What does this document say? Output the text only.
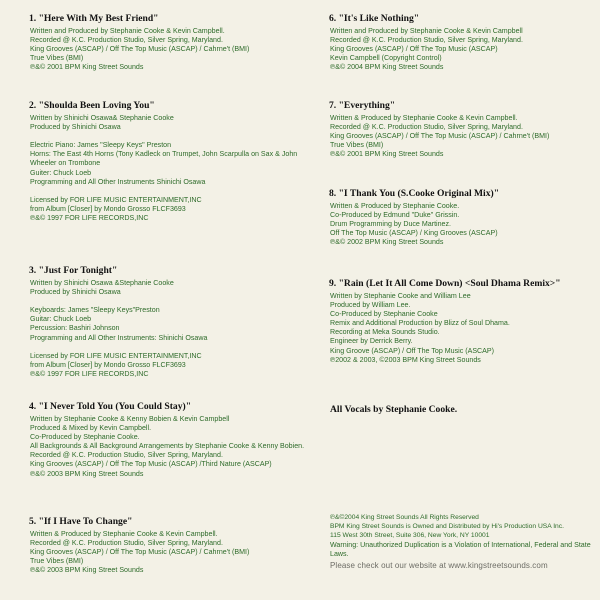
1. "Here With My Best Friend"
Written and Produced by Stephanie Cooke & Kevin Campbell.
Recorded @ K.C. Production Studio, Silver Spring, Maryland.
King Grooves (ASCAP) / Off The Top Music (ASCAP) / Cahrne't (BMI)
True Vibes (BMI)
℗&© 2001 BPM King Street Sounds
2. "Shoulda Been Loving You"
Written by Shinichi Osawa& Stephanie Cooke
Produced by Shinichi Osawa
Electric Piano: James "Sleepy Keys" Preston
Horns: The East 4th Horns (Tony Kadleck on Trumpet, John Scarpulla on Sax & John Wheeler on Trombone
Guiter: Chuck Loeb
Programming and All Other Instruments Shinichi Osawa
Licensed by FOR LIFE MUSIC ENTERTAINMENT,INC
from Album [Closer] by Mondo Grosso FLCF3693
℗&© 1997 FOR LIFE RECORDS,INC
3. "Just For Tonight"
Written by Shinichi Osawa &Stephanie Cooke
Produced by Shinichi Osawa
Keyboards: James "Sleepy Keys"Preston
Guitar: Chuck Loeb
Percussion: Bashiri Johnson
Programming and All Other Instruments: Shinichi Osawa
Licensed by FOR LIFE MUSIC ENTERTAINMENT,INC
from Album [Closer] by Mondo Grosso FLCF3693
℗&© 1997 FOR LIFE RECORDS,INC
4. "I Never Told You (You Could Stay)"
Written by Stephanie Cooke & Kenny Bobien & Kevin Campbell
Produced & Mixed by Kevin Campbell.
Co-Produced by Stephanie Cooke.
All Backgrounds & All Background Arrangements by Stephanie Cooke & Kenny Bobien.
Recorded @ K.C. Production Studio, Silver Spring, Maryland.
King Grooves (ASCAP) / Off The Top Music (ASCAP) /Third Nature (ASCAP)
℗&© 2003 BPM King Street Sounds
5. "If I Have To Change"
Written & Produced by Stephanie Cooke & Kevin Campbell.
Recorded @ K.C. Production Studio, Silver Spring, Maryland.
King Grooves (ASCAP) / Off The Top Music (ASCAP) / Cahrne't (BMI)
True Vibes (BMI)
℗&© 2003 BPM King Street Sounds
6. "It's Like Nothing"
Written and Produced by Stephanie Cooke & Kevin Campbell
Recorded @ K.C. Production Studio, Silver Spring, Maryland.
King Grooves (ASCAP) / Off The Top Music (ASCAP)
Kevin Campbell (Copyright Control)
℗&© 2004 BPM King Street Sounds
7. "Everything"
Written & Produced by Stephanie Cooke & Kevin Campbell.
Recorded @ K.C. Production Studio, Silver Spring, Maryland.
King Grooves (ASCAP) / Off The Top Music (ASCAP) / Cahrne't (BMI)
True Vibes (BMI)
℗&© 2001 BPM King Street Sounds
8. "I Thank You (S.Cooke Original Mix)"
Written & Produced by Stephanie Cooke.
Co-Produced by Edmund "Duke" Grissin.
Drum Programming by Duce Martinez.
Off The Top Music (ASCAP) / King Grooves (ASCAP)
℗&© 2002 BPM King Street Sounds
9. "Rain (Let It All Come Down) <Soul Dhama Remix>"
Written by Stephanie Cooke and William Lee
Produced by William Lee.
Co-Produced by Stephanie Cooke
Remix and Additional Production by Blizz of Soul Dhama.
Recording at Meka Sounds Studio.
Engineer by Derrick Berry.
King Groove (ASCAP) / Off The Top Music (ASCAP)
℗2002 & 2003, ©2003 BPM King Street Sounds
All Vocals by Stephanie Cooke.
℗&©2004 King Street Sounds All Rights Reserved
BPM King Street Sounds is Owned and Distributed by Hi's Production USA Inc.
115 West 30th Street, Suite 306, New York, NY 10001
Warning: Unauthorized Duplication is a Violation of International, Federal and State Laws.
Please check out our website at www.kingstreetsounds.com
